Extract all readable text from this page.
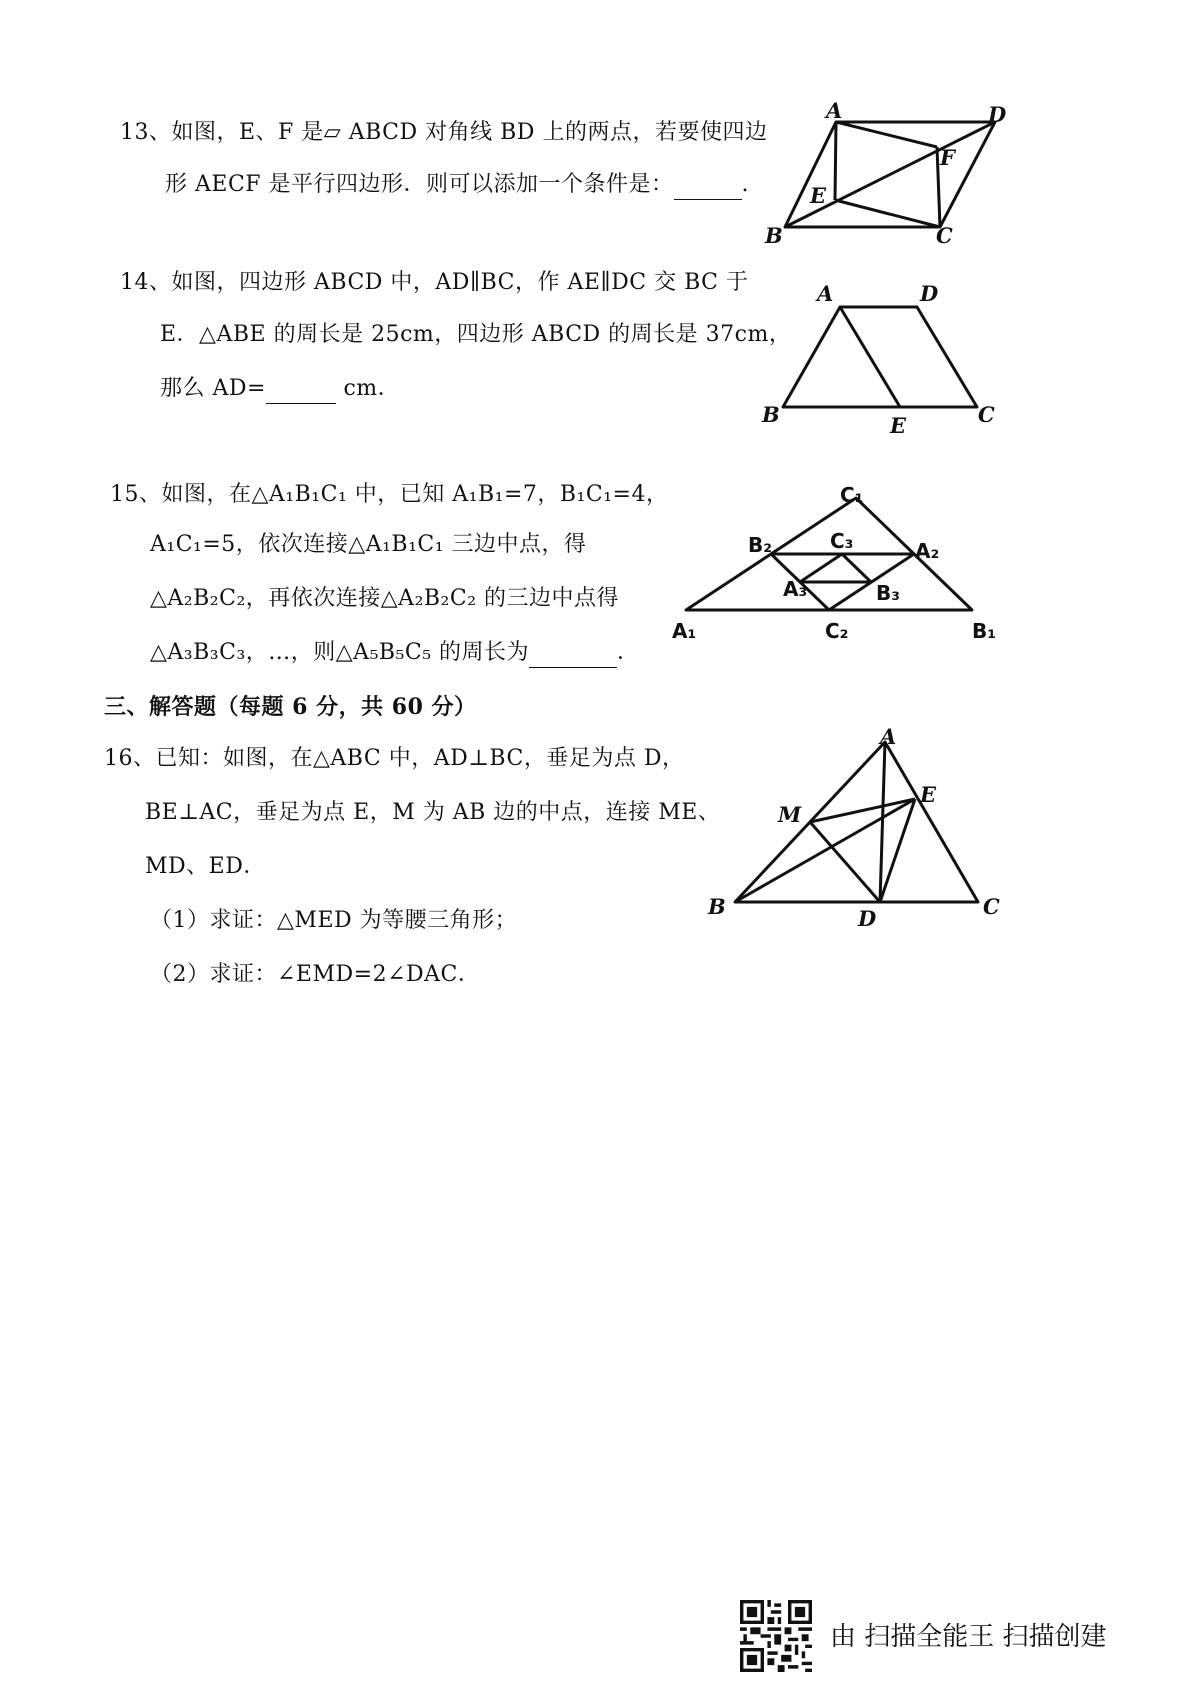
13、如图，E、F 是▱ ABCD 对角线 BD 上的两点，若要使四边
形 AECF 是平行四边形．则可以添加一个条件是：	.
A	D
F
E
B	C
14、如图，四边形 ABCD 中，AD∥BC，作 AE∥DC 交 BC 于
E．△ABE 的周长是 25cm，四边形 ABCD 的周长是 37cm，
那么 AD=	cm．
A	D
B	E	C
15、如图，在△A₁B₁C₁ 中，已知 A₁B₁=7，B₁C₁=4，
A₁C₁=5，依次连接△A₁B₁C₁ 三边中点，得
△A₂B₂C₂，再依次连接△A₂B₂C₂ 的三边中点得
△A₃B₃C₃，…，则△A₅B₅C₅ 的周长为	．
C₁
B₂	C₃	A₂
A₃	B₃
A₁	C₂	B₁
三、解答题（每题 6 分，共 60 分）
16、已知：如图，在△ABC 中，AD⊥BC，垂足为点 D，
BE⊥AC，垂足为点 E，M 为 AB 边的中点，连接 ME、
MD、ED．
（1）求证：△MED 为等腰三角形；
（2）求证：∠EMD=2∠DAC．
A
E
M
B	D	C
由 扫描全能王 扫描创建
